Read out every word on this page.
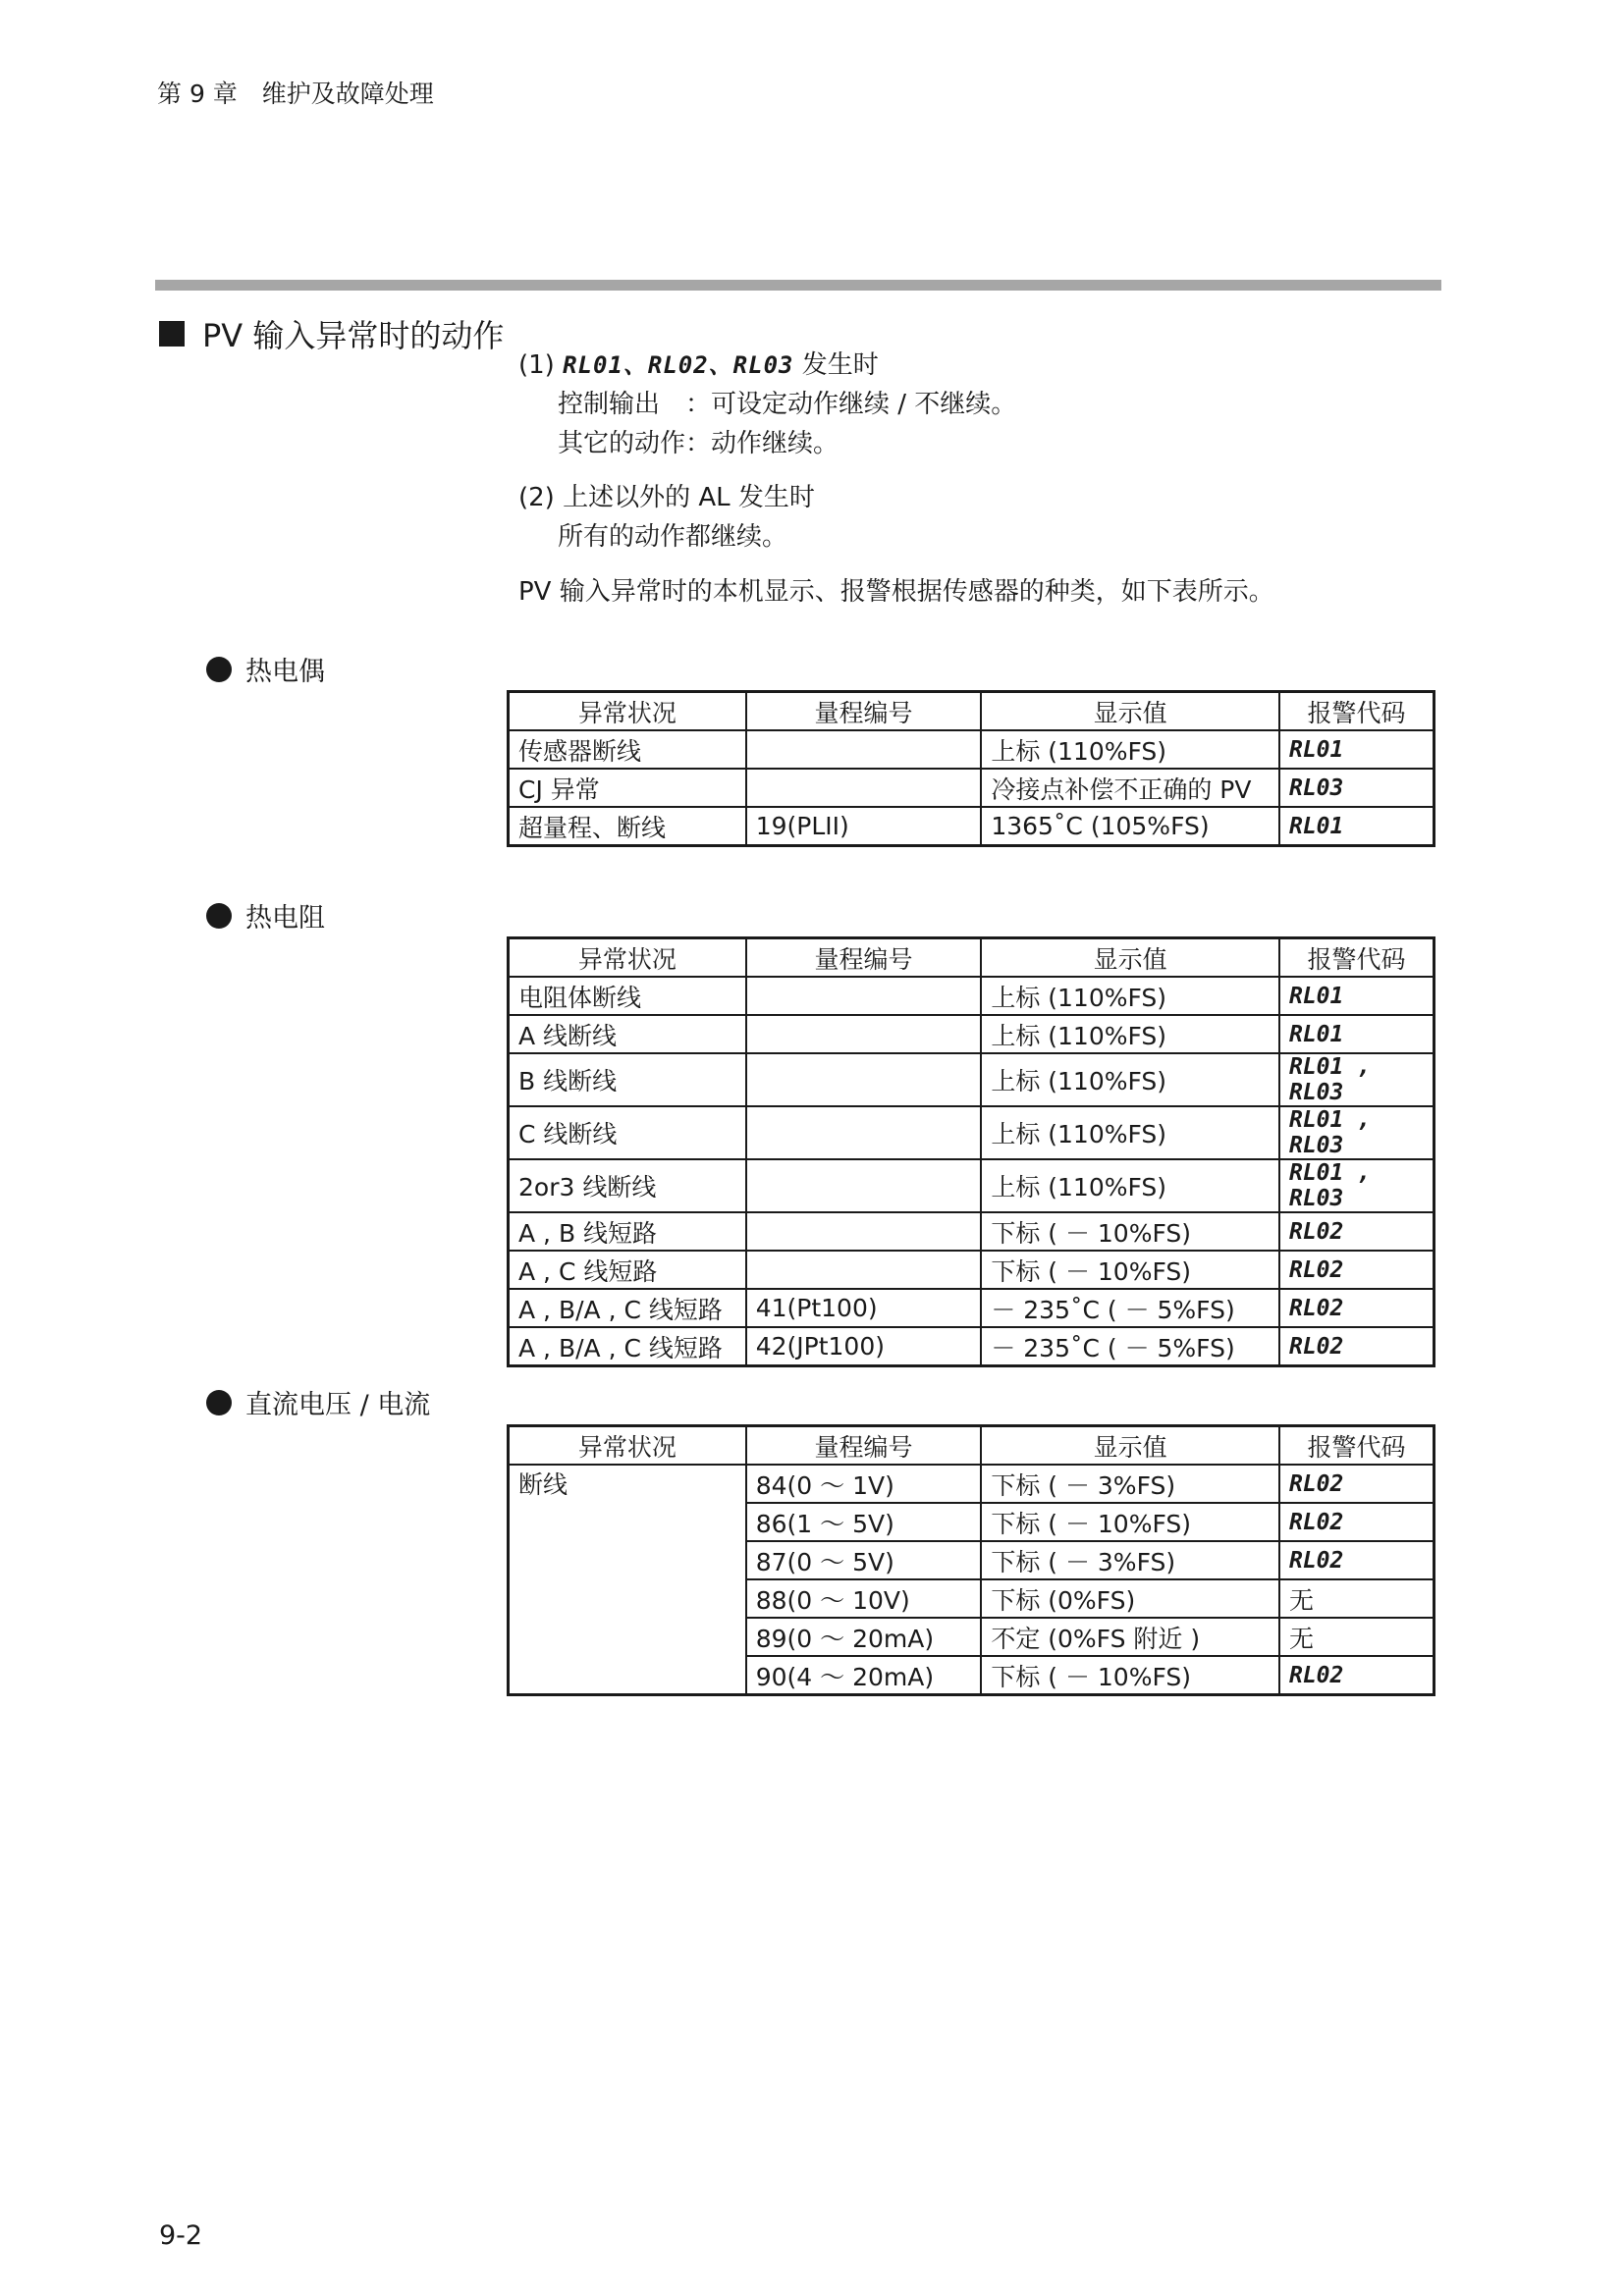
第 9 章　维护及故障处理
PV 输入异常时的动作
(1) RL01、RL02、RL03 发生时
控制输出　：可设定动作继续 / 不继续。
其它的动作：动作继续。
(2) 上述以外的 AL 发生时
所有的动作都继续。
PV 输入异常时的本机显示、报警根据传感器的种类，如下表所示。
热电偶
异常状况	量程编号	显示值	报警代码
传感器断线		上标 (110%FS)	RL01
CJ 异常		冷接点补偿不正确的 PV	RL03
超量程、断线	19(PLII)	1365˚C (105%FS)	RL01
热电阻
异常状况	量程编号	显示值	报警代码
电阻体断线		上标 (110%FS)	RL01
A 线断线		上标 (110%FS)	RL01
B 线断线		上标 (110%FS)	RL01 , RL03
C 线断线		上标 (110%FS)	RL01 , RL03
2or3 线断线		上标 (110%FS)	RL01 , RL03
A , B 线短路		下标 ( － 10%FS)	RL02
A , C 线短路		下标 ( － 10%FS)	RL02
A , B/A , C 线短路	41(Pt100)	－ 235˚C ( － 5%FS)	RL02
A , B/A , C 线短路	42(JPt100)	－ 235˚C ( － 5%FS)	RL02
直流电压 / 电流
异常状况	量程编号	显示值	报警代码
断线	84(0 ～ 1V)	下标 ( － 3%FS)	RL02
	86(1 ～ 5V)	下标 ( － 10%FS)	RL02
	87(0 ～ 5V)	下标 ( － 3%FS)	RL02
	88(0 ～ 10V)	下标 (0%FS)	无
	89(0 ～ 20mA)	不定 (0%FS 附近 )	无
	90(4 ～ 20mA)	下标 ( － 10%FS)	RL02
9-2
